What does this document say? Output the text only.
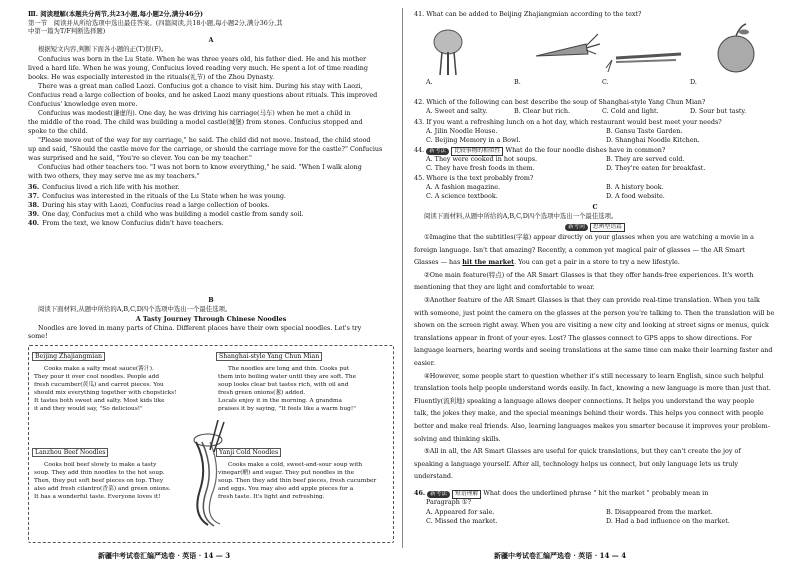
Ⅲ. 阅读理解(本题共分两节,共23小题,每小题2分,满分46分)
第一节　阅读并从所给选项中选出最佳答案。(四篇阅读,共18小题,每小题2分,满分36分,其
中第一篇为T/F判断选择题)
A
根据短文内容,判断下面各小题的正(T)误(F)。
Confucius was born in the Lu State. When he was three years old, his father died. He and his mother
lived a hard life. When he was young, Confucius loved reading very much. He spent a lot of time reading
books. He was especially interested in the rituals(礼节) of the Zhou Dynasty.
There was a great man called Laozi. Confucius got a chance to visit him. During his stay with Laozi,
Confucius read a large collection of books, and he asked Laozi many questions about rituals. This improved
Confucius' knowledge even more.
Confucius was modest(谦虚的). One day, he was driving his carriage(马车) when he met a child in
the middle of the road. The child was building a model castle(城堡) from stones. Confucius stopped and
spoke to the child.
"Please move out of the way for my carriage," he said. The child did not move. Instead, the child stood
up and said, "Should the castle move for the carriage, or should the carriage move for the castle?" Confucius
was surprised and he said, "You're so clever. You can be my teacher."
Confucius had other teachers too. "I was not born to know everything," he said. "When I walk along
with two others, they may serve me as my teachers."
36. Confucius lived a rich life with his mother.
37. Confucius was interested in the rituals of the Lu State when he was young.
38. During his stay with Laozi, Confucius read a large collection of books.
39. One day, Confucius met a child who was building a model castle from sandy soil.
40. From the text, we know Confucius didn't have teachers.
B
阅读下面材料,从题中所给的A,B,C,D四个选项中选出一个最佳选项。
A Tasty Journey Through Chinese Noodles
Noodles are loved in many parts of China. Different places have their own special noodles. Let's try
some!
Beijing Zhajiangmian
Cooks make a salty meat sauce(酱汁).
They pour it over cool noodles. People add
fresh cucumber(黄瓜) and carrot pieces. You
should mix everything together with chopsticks!
It tastes both sweet and salty. Most kids like
it and they would say, "So delicious!"
Shanghai-style Yang Chun Mian
The noodles are long and thin. Cooks put
them into boiling water until they are soft. The
soup looks clear but tastes rich, with oil and
fresh green onions(葱) added.
Locals enjoy it in the morning. A grandma
praises it by saying, "It feels like a warm hug!"
Lanzhou Beef Noodles
Cooks boil beef slowly to make a tasty
soup. They add thin noodles to the hot soup.
Then, they put soft beef pieces on top. They
also add fresh cilantro(香菜) and green onions.
It has a wonderful taste. Everyone loves it!
Yanji Cold Noodles
Cooks make a cold, sweet-and-sour soup with
vinegar(醋) and sugar. They put noodles in the
soup. Then they add thin beef pieces, fresh cucumber
and eggs. You may also add apple pieces for a
fresh taste. It's light and refreshing.
新疆中考试卷汇编严选卷 · 英语 · 14 — 3
41. What can be added to Beijing Zhajiangmian according to the text?
A.	B.	C.	D.
42. Which of the following can best describe the soup of Shanghai-style Yang Chun Mian?
A. Sweet and salty.	B. Clear but rich.	C. Cold and light.	D. Sour but tasty.
43. If you want a refreshing lunch on a hot day, which restaurant would best meet your needs?
A. Jilin Noodle House.	B. Gansu Taste Garden.
C. Beijing Memory in a Bowl.	D. Shanghai Noodle Kitchen.
44. 新考法 比较事物的相似性 What do the four noodle dishes have in common?
A. They were cooked in hot soups.	B. They are served cold.
C. They have fresh foods in them.	D. They're eaten for breakfast.
45. Where is the text probably from?
A. A fashion magazine.	B. A history book.
C. A science textbook.	D. A food website.
C
阅读下面材料,从题中所给的A,B,C,D四个选项中选出一个最佳选项。
新考向 思辨型语篇
①Imagine that the subtitles(字幕) appear directly on your glasses when you are watching a movie in a
foreign language. Isn't that amazing? Recently, a common yet magical pair of glasses — the AR Smart
Glasses — has hit the market. You can get a pair in a store to try a new lifestyle.
②One main feature(特点) of the AR Smart Glasses is that they offer hands-free experiences. It's worth
mentioning that they are light and comfortable to wear.
③Another feature of the AR Smart Glasses is that they can provide real-time translation. When you talk
with someone, just point the camera on the glasses at the person you're talking to. Then the translation will be
shown on the screen right away. When you are visiting a new city and looking at street signs or menus, quick
translations appear in front of your eyes. Lost? The glasses connect to GPS apps to show directions. For
language learners, hearing words and seeing translations at the same time can make their learning faster and
easier.
④However, some people start to question whether it's still necessary to learn English, since such helpful
translation tools help people understand words easily. In fact, knowing a new language is more than just that.
Fluently(流利地) speaking a language allows deeper connections. It helps you understand the way people
talk, the jokes they make, and the special meanings behind their words. This helps you connect with people
better and make real friends. Also, learning languages makes you smarter because it improves your problem-
solving and thinking skills.
⑤All in all, the AR Smart Glasses are useful for quick translations, but they can't create the joy of
speaking a language yourself. After all, technology helps us connect, but only language lets us truly
understand.
46. 新考法 短语理解 What does the underlined phrase " hit the market " probably mean in
Paragraph ①?
A. Appeared for sale.	B. Disappeared from the market.
C. Missed the market.	D. Had a bad influence on the market.
新疆中考试卷汇编严选卷 · 英语 · 14 — 4
